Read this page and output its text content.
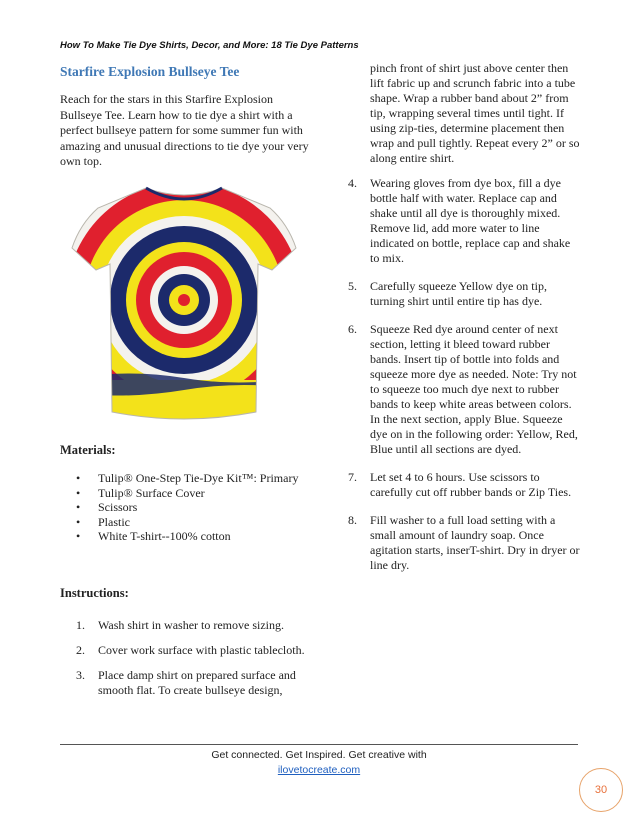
How To Make Tie Dye Shirts, Decor, and More: 18 Tie Dye Patterns
Starfire Explosion Bullseye Tee
Reach for the stars in this Starfire Explosion Bullseye Tee. Learn how to tie dye a shirt with a perfect bullseye pattern for some summer fun with amazing and unusual directions to tie dye your very own top.
Materials:
• Tulip® One-Step Tie-Dye Kit™: Primary
• Tulip® Surface Cover
• Scissors
• Plastic
• White T-shirt--100% cotton
Instructions:
1. Wash shirt in washer to remove sizing.
2. Cover work surface with plastic tablecloth.
3. Place damp shirt on prepared surface and smooth flat. To create bullseye design,
pinch front of shirt just above center then lift fabric up and scrunch fabric into a tube shape. Wrap a rubber band about 2” from tip, wrapping several times until tight. If using zip-ties, determine placement then wrap and pull tightly. Repeat every 2” or so along entire shirt.
4. Wearing gloves from dye box, fill a dye bottle half with water. Replace cap and shake until all dye is thoroughly mixed. Remove lid, add more water to line indicated on bottle, replace cap and shake to mix.
5. Carefully squeeze Yellow dye on tip, turning shirt until entire tip has dye.
6. Squeeze Red dye around center of next section, letting it bleed toward rubber bands. Insert tip of bottle into folds and squeeze more dye as needed. Note: Try not to squeeze too much dye next to rubber bands to keep white areas between colors. In the next section, apply Blue. Squeeze dye on in the following order: Yellow, Red, Blue until all sections are dyed.
7. Let set 4 to 6 hours. Use scissors to carefully cut off rubber bands or Zip Ties.
8. Fill washer to a full load setting with a small amount of laundry soap. Once agitation starts, inserT-shirt. Dry in dryer or line dry.
Get connected. Get Inspired. Get creative with
ilovetocreate.com
30
